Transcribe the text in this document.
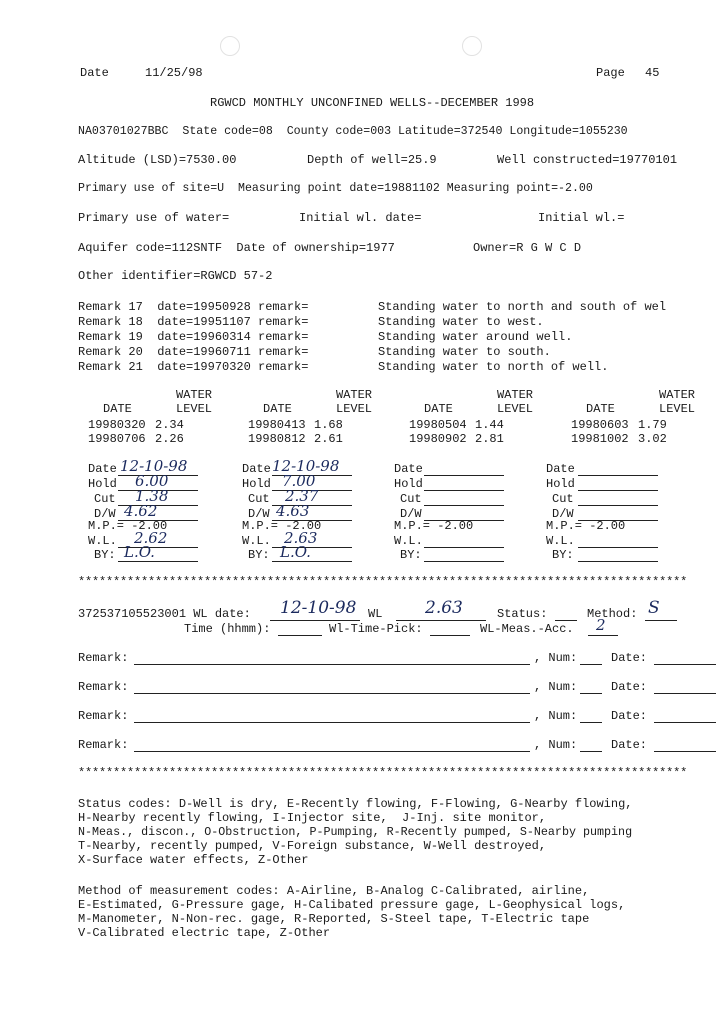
Date	11/25/98	Page 45
RGWCD MONTHLY UNCONFINED WELLS--DECEMBER 1998
NA03701027BBC  State code=08  County code=003 Latitude=372540 Longitude=1055230
Altitude (LSD)=7530.00	Depth of well=25.9	Well constructed=19770101
Primary use of site=U  Measuring point date=19881102 Measuring point=-2.00
Primary use of water=	Initial wl. date=	Initial wl.=
Aquifer code=112SNTF  Date of ownership=1977	Owner=R G W C D
Other identifier=RGWCD 57-2
Remark 17  date=19950928 remark=	Standing water to north and south of wel
Remark 18  date=19951107 remark=	Standing water to west.
Remark 19  date=19960314 remark=	Standing water around well.
Remark 20  date=19960711 remark=	Standing water to south.
Remark 21  date=19970320 remark=	Standing water to north of well.
WATER	WATER	WATER	WATER
DATE	LEVEL	DATE	LEVEL	DATE	LEVEL	DATE	LEVEL
19980320 2.34	19980413 1.68	19980504 1.44	19980603 1.79
19980706 2.26	19980812 2.61	19980902 2.81	19981002 3.02
Date 12-10-98
Hold 6.00
Cut 1.38
D/W 4.62
M.P.= -2.00
W.L. 2.62
BY: L.O.
Date 12-10-98
Hold 7.00
Cut 2.37
D/W 4.63
M.P.= -2.00
W.L. 2.63
BY: L.O.
Date
Hold
Cut
D/W
M.P.= -2.00
W.L.
BY:
Date
Hold
Cut
D/W
M.P.= -2.00
W.L.
BY:
***************************************************************************************
372537105523001 WL date: 12-10-98 WL	2.63	Status:	Method: S
Time (hhmm):	Wl-Time-Pick:	WL-Meas.-Acc. 2
Remark:	, Num:	Date:
Remark:	, Num:	Date:
Remark:	, Num:	Date:
Remark:	, Num:	Date:
***************************************************************************************
Status codes: D-Well is dry, E-Recently flowing, F-Flowing, G-Nearby flowing,
H-Nearby recently flowing, I-Injector site,  J-Inj. site monitor,
N-Meas., discon., O-Obstruction, P-Pumping, R-Recently pumped, S-Nearby pumping
T-Nearby, recently pumped, V-Foreign substance, W-Well destroyed,
X-Surface water effects, Z-Other
Method of measurement codes: A-Airline, B-Analog C-Calibrated, airline,
E-Estimated, G-Pressure gage, H-Calibated pressure gage, L-Geophysical logs,
M-Manometer, N-Non-rec. gage, R-Reported, S-Steel tape, T-Electric tape
V-Calibrated electric tape, Z-Other
